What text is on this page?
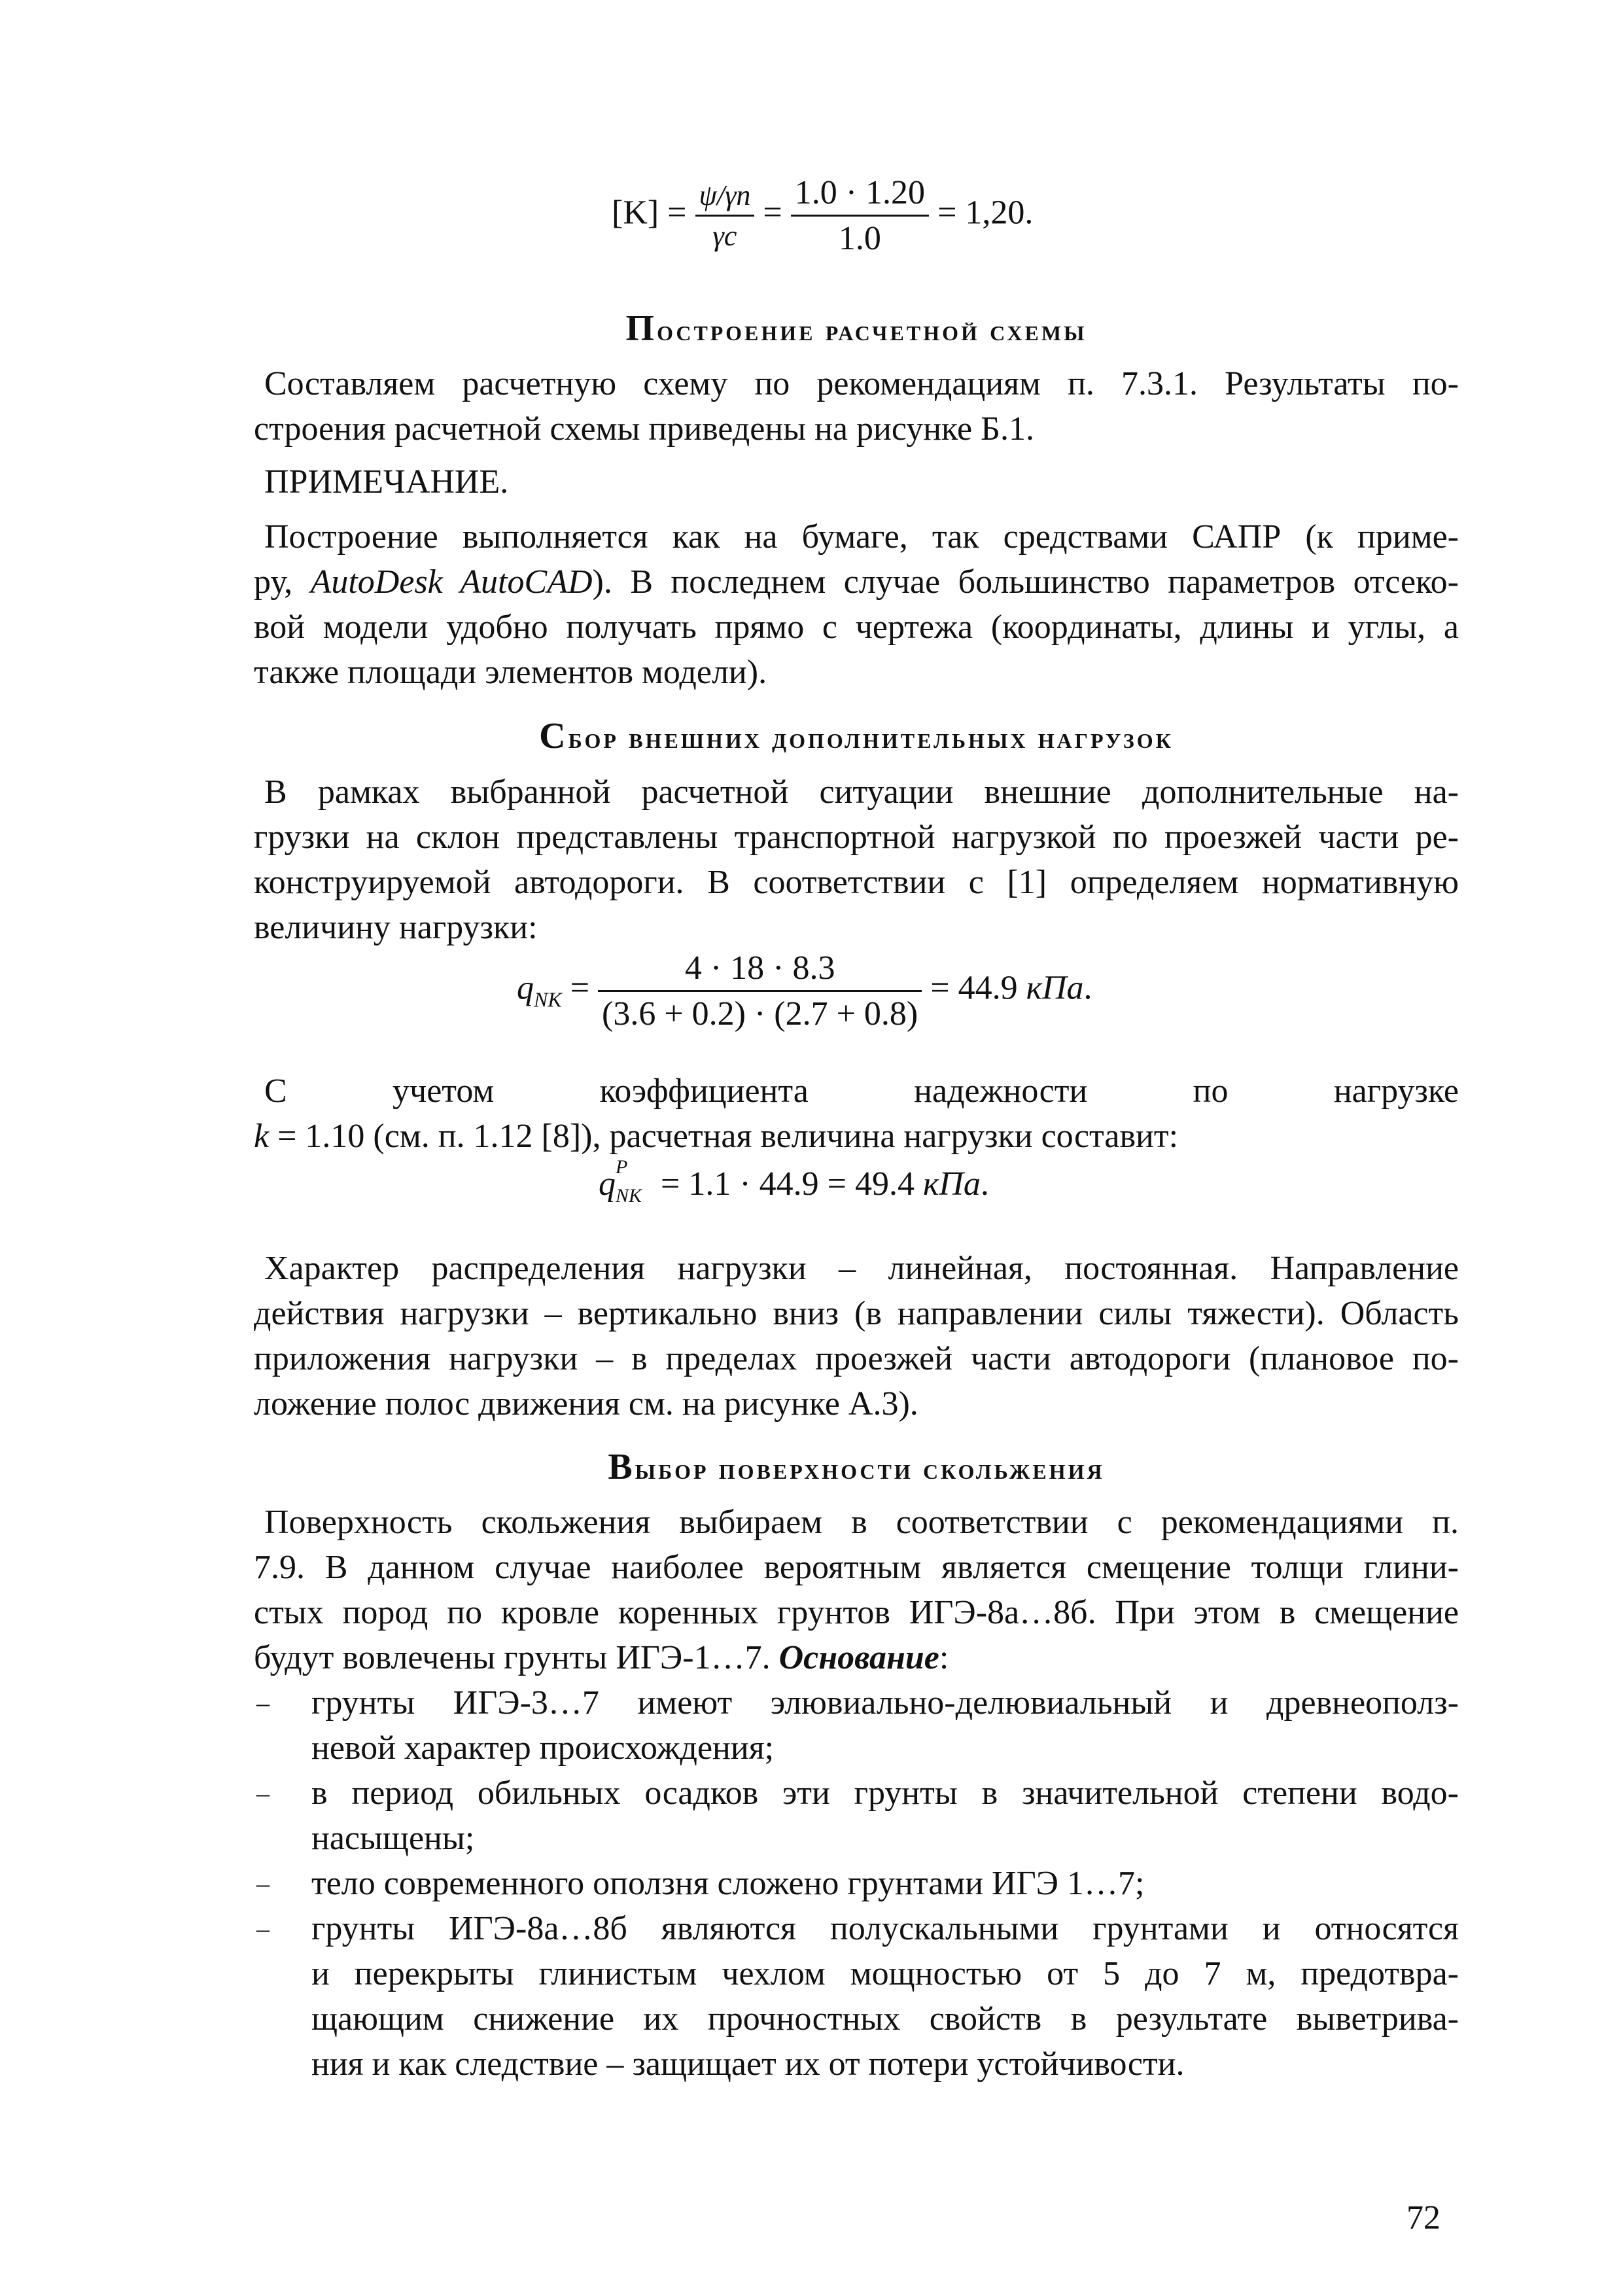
$[K] = \frac{\psi/\gamma n}{\gamma c} = \frac{1.0 \cdot 1.20}{1.0} = 1,20$.
Построение расчетной схемы
Составляем расчетную схему по рекомендациям п. 7.3.1. Результаты по-
строения расчетной схемы приведены на рисунке Б.1.
ПРИМЕЧАНИЕ.
Построение выполняется как на бумаге, так средствами САПР (к приме-
ру, AutoDesk AutoCAD). В последнем случае большинство параметров отсеко-
вой модели удобно получать прямо с чертежа (координаты, длины и углы, а
также площади элементов модели).
Сбор внешних дополнительных нагрузок
В рамках выбранной расчетной ситуации внешние дополнительные на-
грузки на склон представлены транспортной нагрузкой по проезжей части ре-
конструируемой автодороги. В соответствии с [1] определяем нормативную
величину нагрузки:
$q_{NK} = \frac{4 \cdot 18 \cdot 8.3}{(3.6 + 0.2) \cdot (2.7 + 0.8)} = 44.9$ кПа.
С учетом коэффициента надежности по нагрузке
k = 1.10 (см. п. 1.12 [8]), расчетная величина нагрузки составит:
q P
NK = 1.1 · 44.9 = 49.4 кПа.
Характер распределения нагрузки – линейная, постоянная. Направление
действия нагрузки – вертикально вниз (в направлении силы тяжести). Область
приложения нагрузки – в пределах проезжей части автодороги (плановое по-
ложение полос движения см. на рисунке А.3).
Выбор поверхности скольжения
Поверхность скольжения выбираем в соответствии с рекомендациями п.
7.9. В данном случае наиболее вероятным является смещение толщи глини-
стых пород по кровле коренных грунтов ИГЭ-8а…8б. При этом в смещение
будут вовлечены грунты ИГЭ-1…7. Основание:
– грунты ИГЭ-3…7 имеют элювиально-делювиальный и древнеополз-
невой характер происхождения;
– в период обильных осадков эти грунты в значительной степени водо-
насыщены;
– тело современного оползня сложено грунтами ИГЭ 1…7;
– грунты ИГЭ-8а…8б являются полускальными грунтами и относятся
и перекрыты глинистым чехлом мощностью от 5 до 7 м, предотвра-
щающим снижение их прочностных свойств в результате выветрива-
ния и как следствие – защищает их от потери устойчивости.
72
